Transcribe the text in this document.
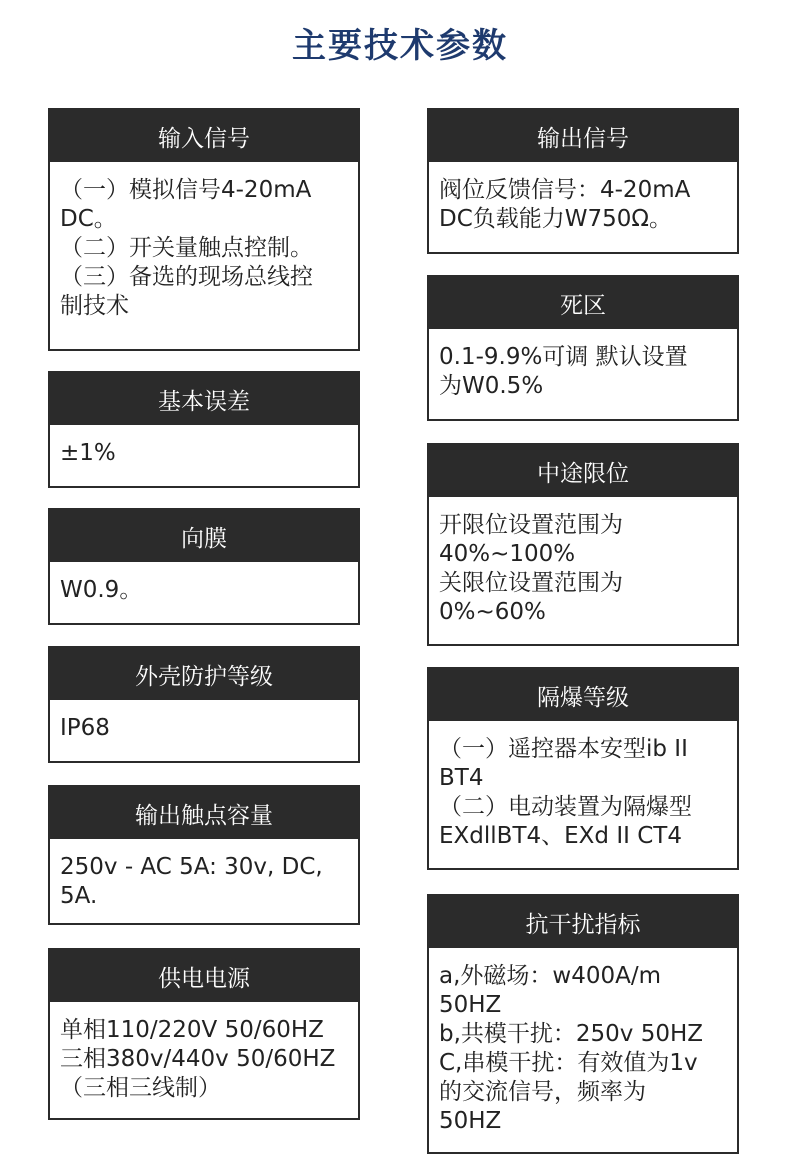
主要技术参数
输入信号
（一）模拟信号4-20mA
DC。
（二）开关量触点控制。
（三）备选的现场总线控
制技术
基本误差
±1%
向膜
W0.9。
外壳防护等级
IP68
输出触点容量
250v - AC 5A: 30v, DC,
5A.
供电电源
单相110/220V 50/60HZ
三相380v/440v 50/60HZ
（三相三线制）
输出信号
阀位反馈信号：4-20mA
DC负载能力W750Ω。
死区
0.1-9.9%可调 默认设置
为W0.5%
中途限位
开限位设置范围为
40%~100%
关限位设置范围为
0%~60%
隔爆等级
（一）遥控器本安型ib II
BT4
（二）电动装置为隔爆型
EXdllBT4、EXd II CT4
抗干扰指标
a,外磁场：w400A/m
50HZ
b,共模干扰：250v 50HZ
C,串模干扰：有效值为1v
的交流信号，频率为
50HZ
